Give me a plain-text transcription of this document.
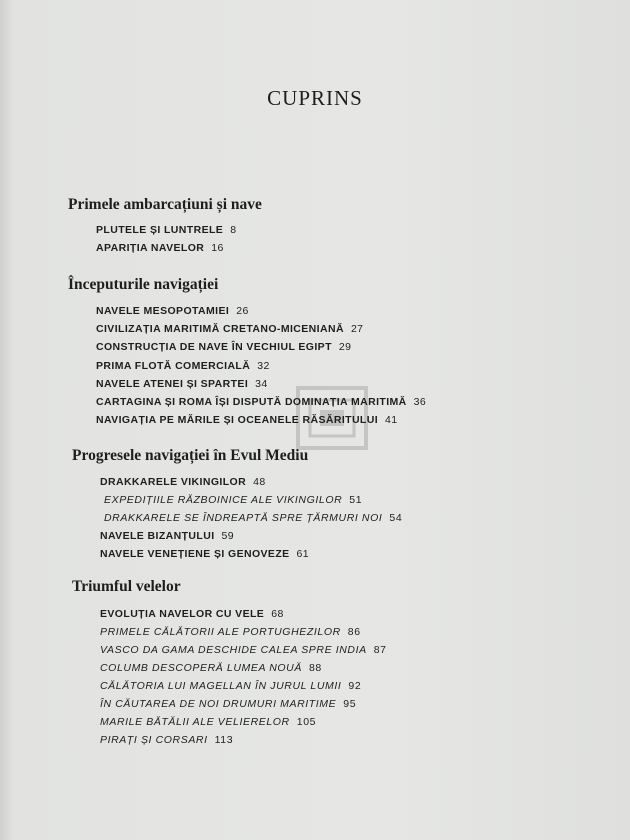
CUPRINS
Primele ambarcațiuni și nave
PLUTELE ȘI LUNTRELE 8
APARIȚIA NAVELOR 16
Începuturile navigației
NAVELE MESOPOTAMIEI 26
CIVILIZAȚIA MARITIMĂ CRETANO-MICENIANĂ 27
CONSTRUCȚIA DE NAVE ÎN VECHIUL EGIPT 29
PRIMA FLOTĂ COMERCIALĂ 32
NAVELE ATENEI ȘI SPARTEI 34
CARTAGINA ȘI ROMA ÎȘI DISPUTĂ DOMINAȚIA MARITIMĂ 36
NAVIGAȚIA PE MĂRILE ȘI OCEANELE RĂSĂRITULUI 41
Progresele navigației în Evul Mediu
DRAKKARELE VIKINGILOR 48
EXPEDIȚIILE RĂZBOINICE ALE VIKINGILOR 51
DRAKKARELE SE ÎNDREAPTĂ SPRE ȚĂRMURI NOI 54
NAVELE BIZANȚULUI 59
NAVELE VENEȚIENE ȘI GENOVEZE 61
Triumful velelor
EVOLUȚIA NAVELOR CU VELE 68
PRIMELE CĂLĂTORII ALE PORTUGHEZILOR 86
VASCO DA GAMA DESCHIDE CALEA SPRE INDIA 87
COLUMB DESCOPERĂ LUMEA NOUĂ 88
CĂLĂTORIA LUI MAGELLAN ÎN JURUL LUMII 92
ÎN CĂUTAREA DE NOI DRUMURI MARITIME 95
MARILE BĂTĂLII ALE VELIERELOR 105
PIRAȚI ȘI CORSARI 113
